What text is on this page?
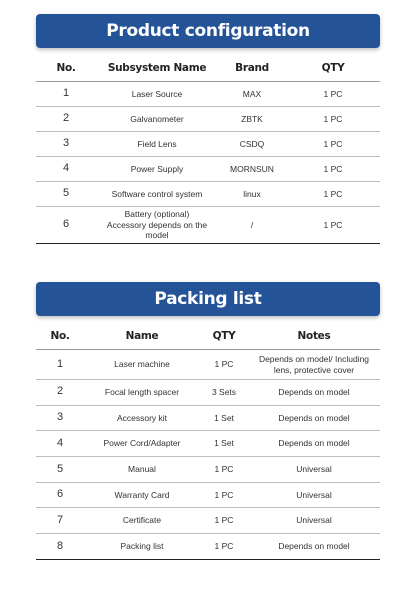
Product configuration
No.	Subsystem Name	Brand	QTY
1	Laser Source	MAX	1 PC
2	Galvanometer	ZBTK	1 PC
3	Field Lens	CSDQ	1 PC
4	Power Supply	MORNSUN	1 PC
5	Software control system	linux	1 PC
6	Battery (optional)
Accessory depends on the model	/	1 PC
Packing list
No.	Name	QTY	Notes
1	Laser machine	1 PC	Depends on model/ Including lens, protective cover
2	Focal length spacer	3 Sets	Depends on model
3	Accessory kit	1 Set	Depends on model
4	Power Cord/Adapter	1 Set	Depends on model
5	Manual	1 PC	Universal
6	Warranty Card	1 PC	Universal
7	Certificate	1 PC	Universal
8	Packing list	1 PC	Depends on model
